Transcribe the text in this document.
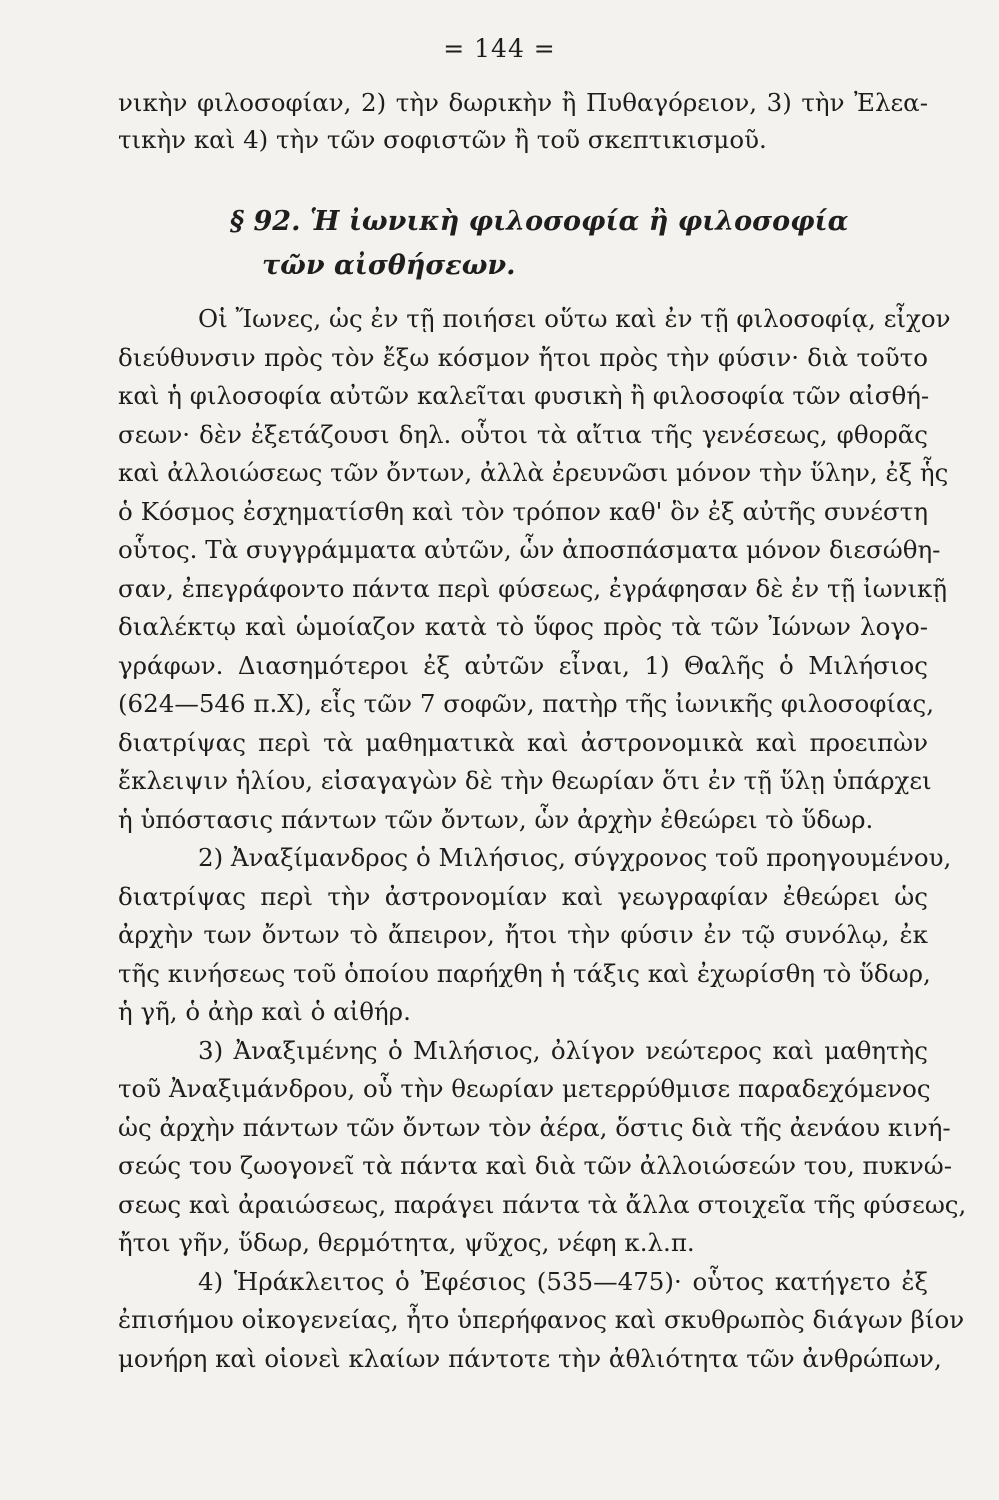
= 144 =
νικὴν φιλοσοφίαν, 2) τὴν δωρικὴν ἢ Πυθαγόρειον, 3) τὴν Ἐλεα-
τικὴν καὶ 4) τὴν τῶν σοφιστῶν ἢ τοῦ σκεπτικισμοῦ.
§ 92. Ἡ ἰωνικὴ φιλοσοφία ἢ φιλοσοφία
τῶν αἰσθήσεων.
Οἱ Ἴωνες, ὡς ἐν τῇ ποιήσει οὕτω καὶ ἐν τῇ φιλοσοφίᾳ, εἶχον
διεύθυνσιν πρὸς τὸν ἔξω κόσμον ἤτοι πρὸς τὴν φύσιν· διὰ τοῦτο
καὶ ἡ φιλοσοφία αὐτῶν καλεῖται φυσικὴ ἢ φιλοσοφία τῶν αἰσθή-
σεων· δὲν ἐξετάζουσι δηλ. οὗτοι τὰ αἴτια τῆς γενέσεως, φθορᾶς
καὶ ἀλλοιώσεως τῶν ὄντων, ἀλλὰ ἐρευνῶσι μόνον τὴν ὕλην, ἐξ ἧς
ὁ Κόσμος ἐσχηματίσθη καὶ τὸν τρόπον καθ' ὃν ἐξ αὐτῆς συνέστη
οὗτος. Τὰ συγγράμματα αὐτῶν, ὧν ἀποσπάσματα μόνον διεσώθη-
σαν, ἐπεγράφοντο πάντα περὶ φύσεως, ἐγράφησαν δὲ ἐν τῇ ἰωνικῇ
διαλέκτῳ καὶ ὡμοίαζον κατὰ τὸ ὕφος πρὸς τὰ τῶν Ἰώνων λογο-
γράφων. Διασημότεροι ἐξ αὐτῶν εἶναι, 1) Θαλῆς ὁ Μιλήσιος
(624—546 π.Χ), εἷς τῶν 7 σοφῶν, πατὴρ τῆς ἰωνικῆς φιλοσοφίας,
διατρίψας περὶ τὰ μαθηματικὰ καὶ ἀστρονομικὰ καὶ προειπὼν
ἔκλειψιν ἡλίου, εἰσαγαγὼν δὲ τὴν θεωρίαν ὅτι ἐν τῇ ὕλῃ ὑπάρχει
ἡ ὑπόστασις πάντων τῶν ὄντων, ὧν ἀρχὴν ἐθεώρει τὸ ὕδωρ.
2) Ἀναξίμανδρος ὁ Μιλήσιος, σύγχρονος τοῦ προηγουμένου,
διατρίψας περὶ τὴν ἀστρονομίαν καὶ γεωγραφίαν ἐθεώρει ὡς
ἀρχὴν των ὄντων τὸ ἄπειρον, ἤτοι τὴν φύσιν ἐν τῷ συνόλῳ, ἐκ
τῆς κινήσεως τοῦ ὁποίου παρήχθη ἡ τάξις καὶ ἐχωρίσθη τὸ ὕδωρ,
ἡ γῆ, ὁ ἀὴρ καὶ ὁ αἰθήρ.
3) Ἀναξιμένης ὁ Μιλήσιος, ὀλίγον νεώτερος καὶ μαθητὴς
τοῦ Ἀναξιμάνδρου, οὗ τὴν θεωρίαν μετερρύθμισε παραδεχόμενος
ὡς ἀρχὴν πάντων τῶν ὄντων τὸν ἀέρα, ὅστις διὰ τῆς ἀενάου κινή-
σεώς του ζωογονεῖ τὰ πάντα καὶ διὰ τῶν ἀλλοιώσεών του, πυκνώ-
σεως καὶ ἀραιώσεως, παράγει πάντα τὰ ἄλλα στοιχεῖα τῆς φύσεως,
ἤτοι γῆν, ὕδωρ, θερμότητα, ψῦχος, νέφη κ.λ.π.
4) Ἡράκλειτος ὁ Ἐφέσιος (535—475)· οὗτος κατήγετο ἐξ
ἐπισήμου οἰκογενείας, ἦτο ὑπερήφανος καὶ σκυθρωπὸς διάγων βίον
μονήρη καὶ οἱονεὶ κλαίων πάντοτε τὴν ἀθλιότητα τῶν ἀνθρώπων,
